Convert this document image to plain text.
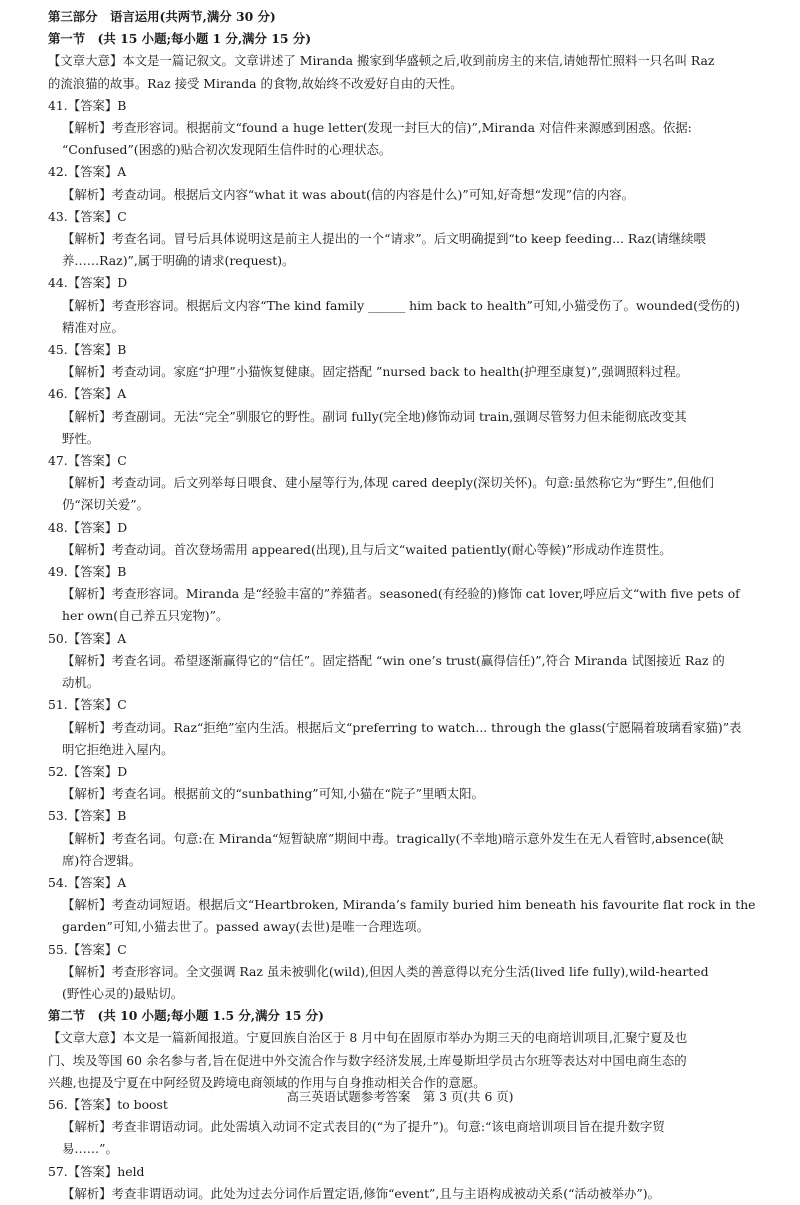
第三部分　语言运用(共两节,满分 30 分)
第一节　(共 15 小题;每小题 1 分,满分 15 分)
【文章大意】本文是一篇记叙文。文章讲述了 Miranda 搬家到华盛顿之后,收到前房主的来信,请她帮忙照料一只名叫 Raz
的流浪猫的故事。Raz 接受 Miranda 的食物,故始终不改爱好自由的天性。
41.【答案】B
【解析】考查形容词。根据前文“found a huge letter(发现一封巨大的信)”,Miranda 对信件来源感到困惑。依据:
“Confused”(困惑的)贴合初次发现陌生信件时的心理状态。
42.【答案】A
【解析】考查动词。根据后文内容“what it was about(信的内容是什么)”可知,好奇想“发现”信的内容。
43.【答案】C
【解析】考查名词。冒号后具体说明这是前主人提出的一个“请求”。后文明确提到“to keep feeding... Raz(请继续喂
养……Raz)”,属于明确的请求(request)。
44.【答案】D
【解析】考查形容词。根据后文内容“The kind family ______ him back to health”可知,小猫受伤了。wounded(受伤的)
精准对应。
45.【答案】B
【解析】考查动词。家庭“护理”小猫恢复健康。固定搭配 ”nursed back to health(护理至康复)”,强调照料过程。
46.【答案】A
【解析】考查副词。无法“完全”驯服它的野性。副词 fully(完全地)修饰动词 train,强调尽管努力但未能彻底改变其
野性。
47.【答案】C
【解析】考查动词。后文列举每日喂食、建小屋等行为,体现 cared deeply(深切关怀)。句意:虽然称它为“野生”,但他们
仍“深切关爱”。
48.【答案】D
【解析】考查动词。首次登场需用 appeared(出现),且与后文“waited patiently(耐心等候)”形成动作连贯性。
49.【答案】B
【解析】考查形容词。Miranda 是“经验丰富的”养猫者。seasoned(有经验的)修饰 cat lover,呼应后文“with five pets of
her own(自己养五只宠物)”。
50.【答案】A
【解析】考查名词。希望逐渐赢得它的“信任”。固定搭配 “win one’s trust(赢得信任)”,符合 Miranda 试图接近 Raz 的
动机。
51.【答案】C
【解析】考查动词。Raz“拒绝”室内生活。根据后文“preferring to watch... through the glass(宁愿隔着玻璃看家猫)”表
明它拒绝进入屋内。
52.【答案】D
【解析】考查名词。根据前文的“sunbathing”可知,小猫在“院子”里晒太阳。
53.【答案】B
【解析】考查名词。句意:在 Miranda“短暂缺席”期间中毒。tragically(不幸地)暗示意外发生在无人看管时,absence(缺
席)符合逻辑。
54.【答案】A
【解析】考查动词短语。根据后文“Heartbroken, Miranda’s family buried him beneath his favourite flat rock in the
garden”可知,小猫去世了。passed away(去世)是唯一合理选项。
55.【答案】C
【解析】考查形容词。全文强调 Raz 虽未被驯化(wild),但因人类的善意得以充分生活(lived life fully),wild-hearted
(野性心灵的)最贴切。
第二节　(共 10 小题;每小题 1.5 分,满分 15 分)
【文章大意】本文是一篇新闻报道。宁夏回族自治区于 8 月中旬在固原市举办为期三天的电商培训项目,汇聚宁夏及也
门、埃及等国 60 余名参与者,旨在促进中外交流合作与数字经济发展,土库曼斯坦学员古尔班等表达对中国电商生态的
兴趣,也提及宁夏在中阿经贸及跨境电商领域的作用与自身推动相关合作的意愿。
56.【答案】to boost
【解析】考查非谓语动词。此处需填入动词不定式表目的(“为了提升”)。句意:“该电商培训项目旨在提升数字贸
易……”。
57.【答案】held
【解析】考查非谓语动词。此处为过去分词作后置定语,修饰“event”,且与主语构成被动关系(“活动被举办”)。
高三英语试题参考答案　第 3 页(共 6 页)
